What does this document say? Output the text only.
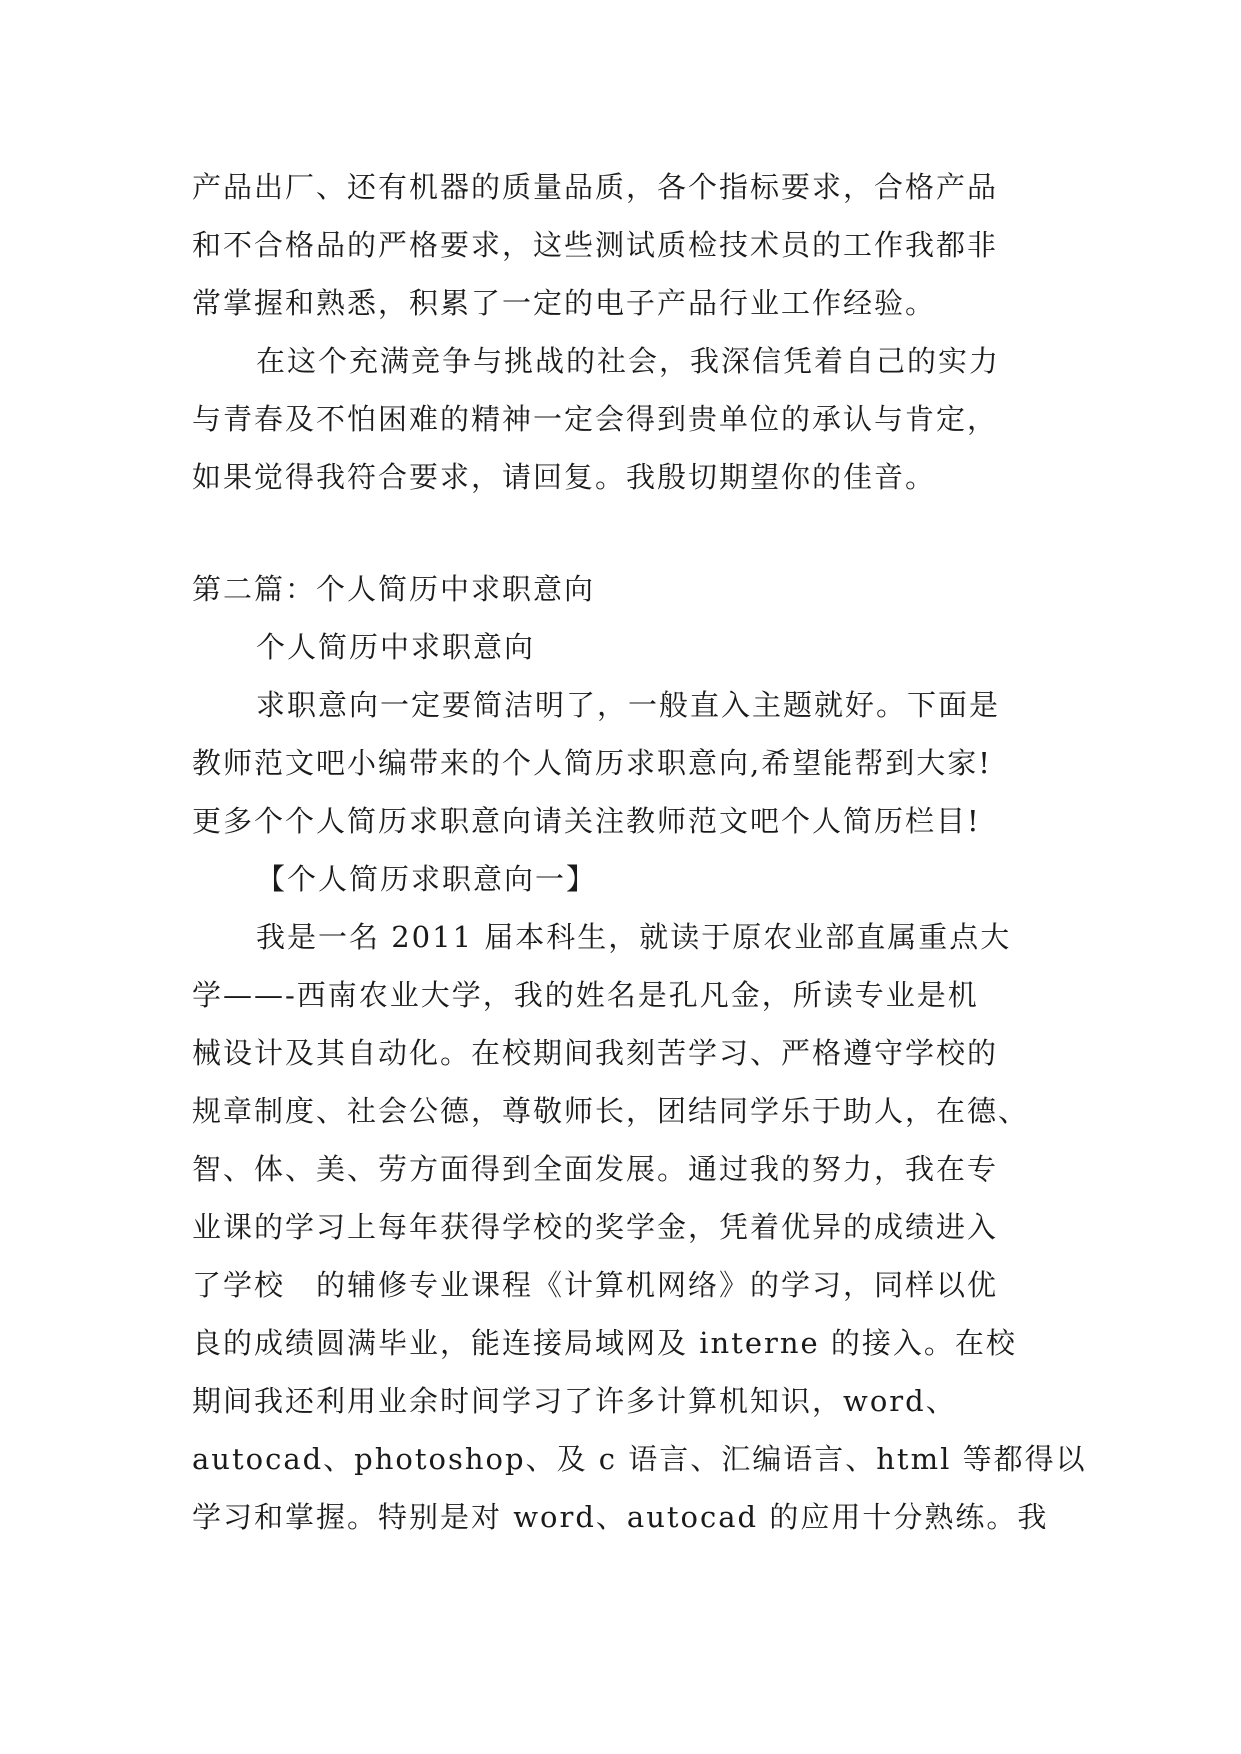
产品出厂、还有机器的质量品质，各个指标要求，合格产品
和不合格品的严格要求，这些测试质检技术员的工作我都非
常掌握和熟悉，积累了一定的电子产品行业工作经验。
在这个充满竞争与挑战的社会，我深信凭着自己的实力
与青春及不怕困难的精神一定会得到贵单位的承认与肯定，
如果觉得我符合要求，请回复。我殷切期望你的佳音。
第二篇：个人简历中求职意向
个人简历中求职意向
求职意向一定要简洁明了，一般直入主题就好。下面是
教师范文吧小编带来的个人简历求职意向,希望能帮到大家!
更多个个人简历求职意向请关注教师范文吧个人简历栏目!
【个人简历求职意向一】
我是一名 2011 届本科生，就读于原农业部直属重点大
学——-西南农业大学，我的姓名是孔凡金，所读专业是机
械设计及其自动化。在校期间我刻苦学习、严格遵守学校的
规章制度、社会公德，尊敬师长，团结同学乐于助人，在德、
智、体、美、劳方面得到全面发展。通过我的努力，我在专
业课的学习上每年获得学校的奖学金，凭着优异的成绩进入
了学校　的辅修专业课程《计算机网络》的学习，同样以优
良的成绩圆满毕业，能连接局域网及 interne 的接入。在校
期间我还利用业余时间学习了许多计算机知识，word、
autocad、photoshop、及 c 语言、汇编语言、html 等都得以
学习和掌握。特别是对 word、autocad 的应用十分熟练。我
